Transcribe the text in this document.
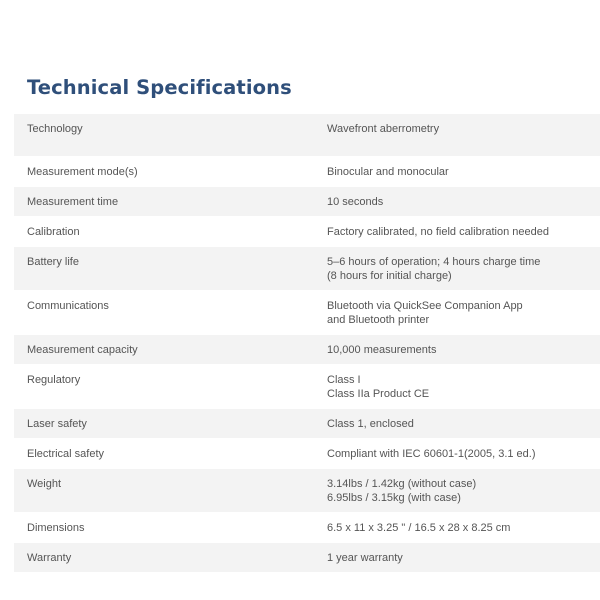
Technical Specifications
Technology	Wavefront aberrometry

Measurement mode(s)	Binocular and monocular

Measurement time	10 seconds

Calibration	Factory calibrated, no field calibration needed

Battery life	5–6 hours of operation; 4 hours charge time
(8 hours for initial charge)

Communications	Bluetooth via QuickSee Companion App
and Bluetooth printer

Measurement capacity	10,000 measurements

Regulatory	Class I
Class IIa Product CE

Laser safety	Class 1, enclosed

Electrical safety	Compliant with IEC 60601-1(2005, 3.1 ed.)

Weight	3.14lbs / 1.42kg (without case)
6.95lbs / 3.15kg (with case)

Dimensions	6.5 x 11 x 3.25 " / 16.5 x 28 x 8.25 cm

Warranty	1 year warranty
